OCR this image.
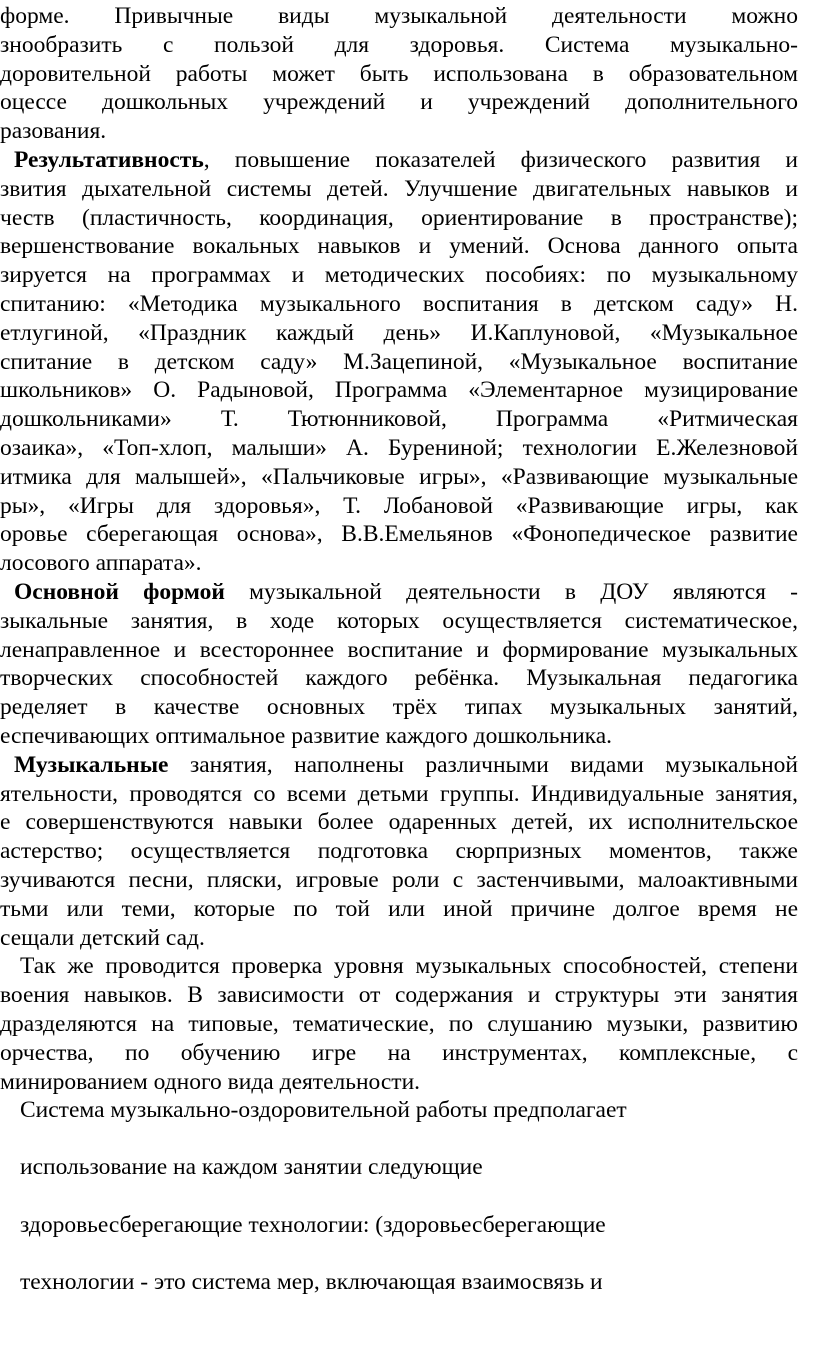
форме. Привычные виды музыкальной деятельности можно
знообразить с пользой для здоровья. Система музыкально-
доровительной работы может быть использована в образовательном
оцессе дошкольных учреждений и учреждений дополнительного
разования.
Результативность, повышение показателей физического развития и
звития дыхательной системы детей. Улучшение двигательных навыков и
честв (пластичность, координация, ориентирование в пространстве);
вершенствование вокальных навыков и умений. Основа данного опыта
зируется на программах и методических пособиях: по музыкальному
спитанию: «Методика музыкального воспитания в детском саду» Н.
етлугиной, «Праздник каждый день» И.Каплуновой, «Музыкальное
спитание в детском саду» М.Зацепиной, «Музыкальное воспитание
школьников» О. Радыновой, Программа «Элементарное музицирование
дошкольниками» Т. Тютюнниковой, Программа «Ритмическая
озаика», «Топ-хлоп, малыши» А. Бурениной; технологии Е.Железновой
итмика для малышей», «Пальчиковые игры», «Развивающие музыкальные
ры», «Игры для здоровья», Т. Лобановой «Развивающие игры, как
оровье сберегающая основа», В.В.Емельянов «Фонопедическое развитие
лосового аппарата».
Основной формой музыкальной деятельности в ДОУ являются -
зыкальные занятия, в ходе которых осуществляется систематическое,
ленаправленное и всестороннее воспитание и формирование музыкальных
творческих способностей каждого ребёнка. Музыкальная педагогика
ределяет в качестве основных трёх типах музыкальных занятий,
еспечивающих оптимальное развитие каждого дошкольника.
Музыкальные занятия, наполнены различными видами музыкальной
ятельности, проводятся со всеми детьми группы. Индивидуальные занятия,
е совершенствуются навыки более одаренных детей, их исполнительское
астерство; осуществляется подготовка сюрпризных моментов, также
зучиваются песни, пляски, игровые роли с застенчивыми, малоактивными
тьми или теми, которые по той или иной причине долгое время не
сещали детский сад.
Так же проводится проверка уровня музыкальных способностей, степени
воения навыков. В зависимости от содержания и структуры эти занятия
дразделяются на типовые, тематические, по слушанию музыки, развитию
орчества, по обучению игре на инструментах, комплексные, с
минированием одного вида деятельности.
Система музыкально-оздоровительной работы предполагает
использование на каждом занятии следующие
здоровьесберегающие технологии: (здоровьесберегающие
технологии - это система мер, включающая взаимосвязь и
